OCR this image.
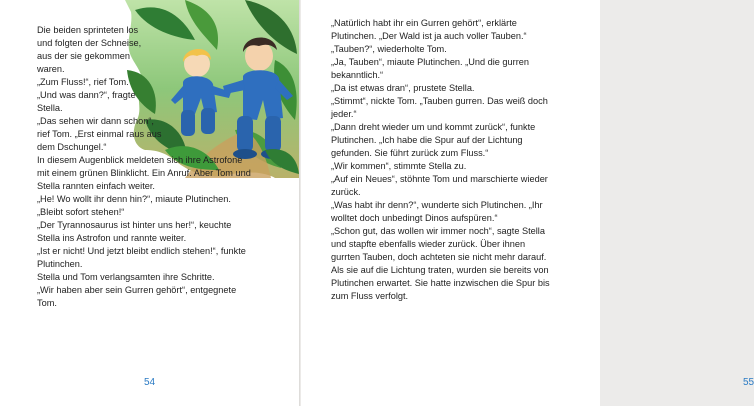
Die beiden sprinteten los
und folgten der Schneise,
aus der sie gekommen
waren.
„Zum Fluss!“, rief Tom.
„Und was dann?“, fragte
Stella.
„Das sehen wir dann schon“,
rief Tom. „Erst einmal raus aus
dem Dschungel.“
In diesem Augenblick meldeten sich ihre Astrofone
mit einem grünen Blinklicht. Ein Anruf. Aber Tom und
Stella rannten einfach weiter.
„He! Wo wollt ihr denn hin?“, miaute Plutinchen.
„Bleibt sofort stehen!“
„Der Tyrannosaurus ist hinter uns her!“, keuchte
Stella ins Astrofon und rannte weiter.
„Ist er nicht! Und jetzt bleibt endlich stehen!“, funkte
Plutinchen.
Stella und Tom verlangsamten ihre Schritte.
„Wir haben aber sein Gurren gehört“, entgegnete
Tom.
54
„Natürlich habt ihr ein Gurren gehört“, erklärte
Plutinchen. „Der Wald ist ja auch voller Tauben.“
„Tauben?“, wiederholte Tom.
„Ja, Tauben“, miaute Plutinchen. „Und die gurren
bekanntlich.“
„Da ist etwas dran“, prustete Stella.
„Stimmt“, nickte Tom. „Tauben gurren. Das weiß doch
jeder.“
„Dann dreht wieder um und kommt zurück“, funkte
Plutinchen. „Ich habe die Spur auf der Lichtung
gefunden. Sie führt zurück zum Fluss.“
„Wir kommen“, stimmte Stella zu.
„Auf ein Neues“, stöhnte Tom und marschierte wieder
zurück.
„Was habt ihr denn?“, wunderte sich Plutinchen. „Ihr
wolltet doch unbedingt Dinos aufspüren.“
„Schon gut, das wollen wir immer noch“, sagte Stella
und stapfte ebenfalls wieder zurück. Über ihnen
gurrten Tauben, doch achteten sie nicht mehr darauf.
Als sie auf die Lichtung traten, wurden sie bereits von
Plutinchen erwartet. Sie hatte inzwischen die Spur bis
zum Fluss verfolgt.
55
